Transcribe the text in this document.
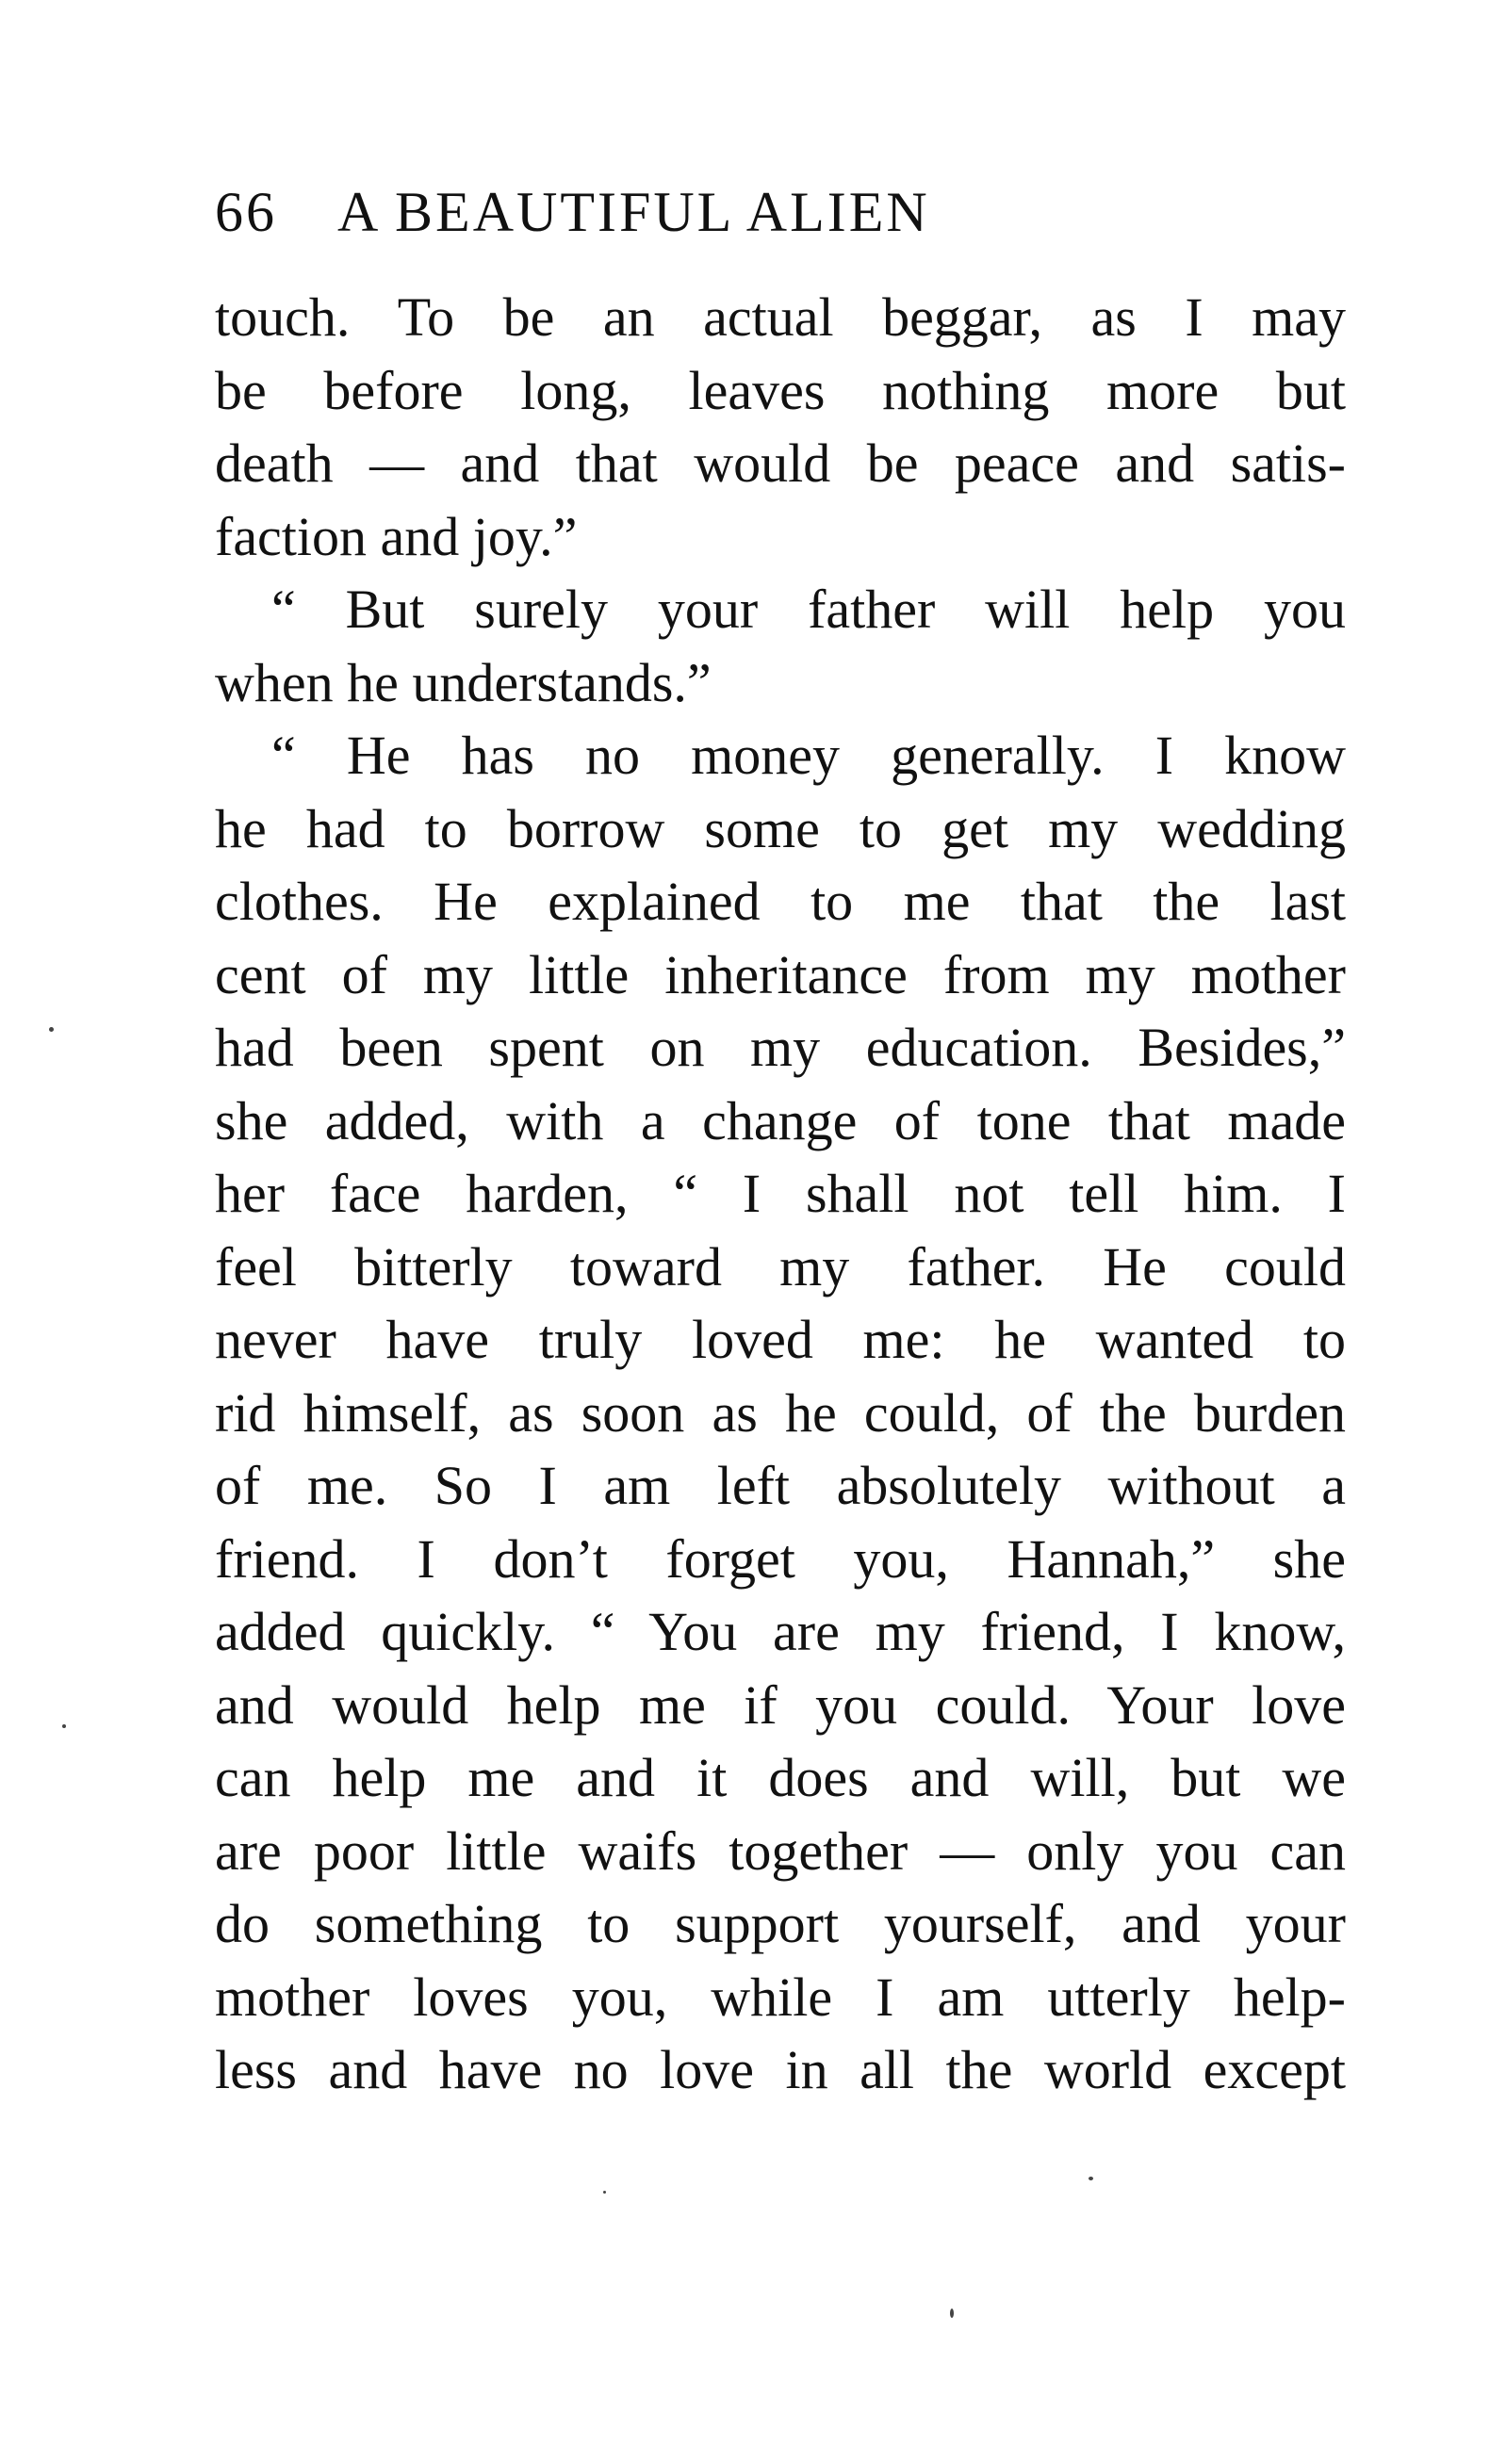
66 A BEAUTIFUL ALIEN
touch. To be an actual beggar, as I may
be before long, leaves nothing more but
death — and that would be peace and satis-
faction and joy.”
“ But surely your father will help you
when he understands.”
“ He has no money generally. I know
he had to borrow some to get my wedding
clothes. He explained to me that the last
cent of my little inheritance from my mother
had been spent on my education. Besides,”
she added, with a change of tone that made
her face harden, “ I shall not tell him. I
feel bitterly toward my father. He could
never have truly loved me: he wanted to
rid himself, as soon as he could, of the burden
of me. So I am left absolutely without a
friend. I don’t forget you, Hannah,” she
added quickly. “ You are my friend, I know,
and would help me if you could. Your love
can help me and it does and will, but we
are poor little waifs together — only you can
do something to support yourself, and your
mother loves you, while I am utterly help-
less and have no love in all the world except
